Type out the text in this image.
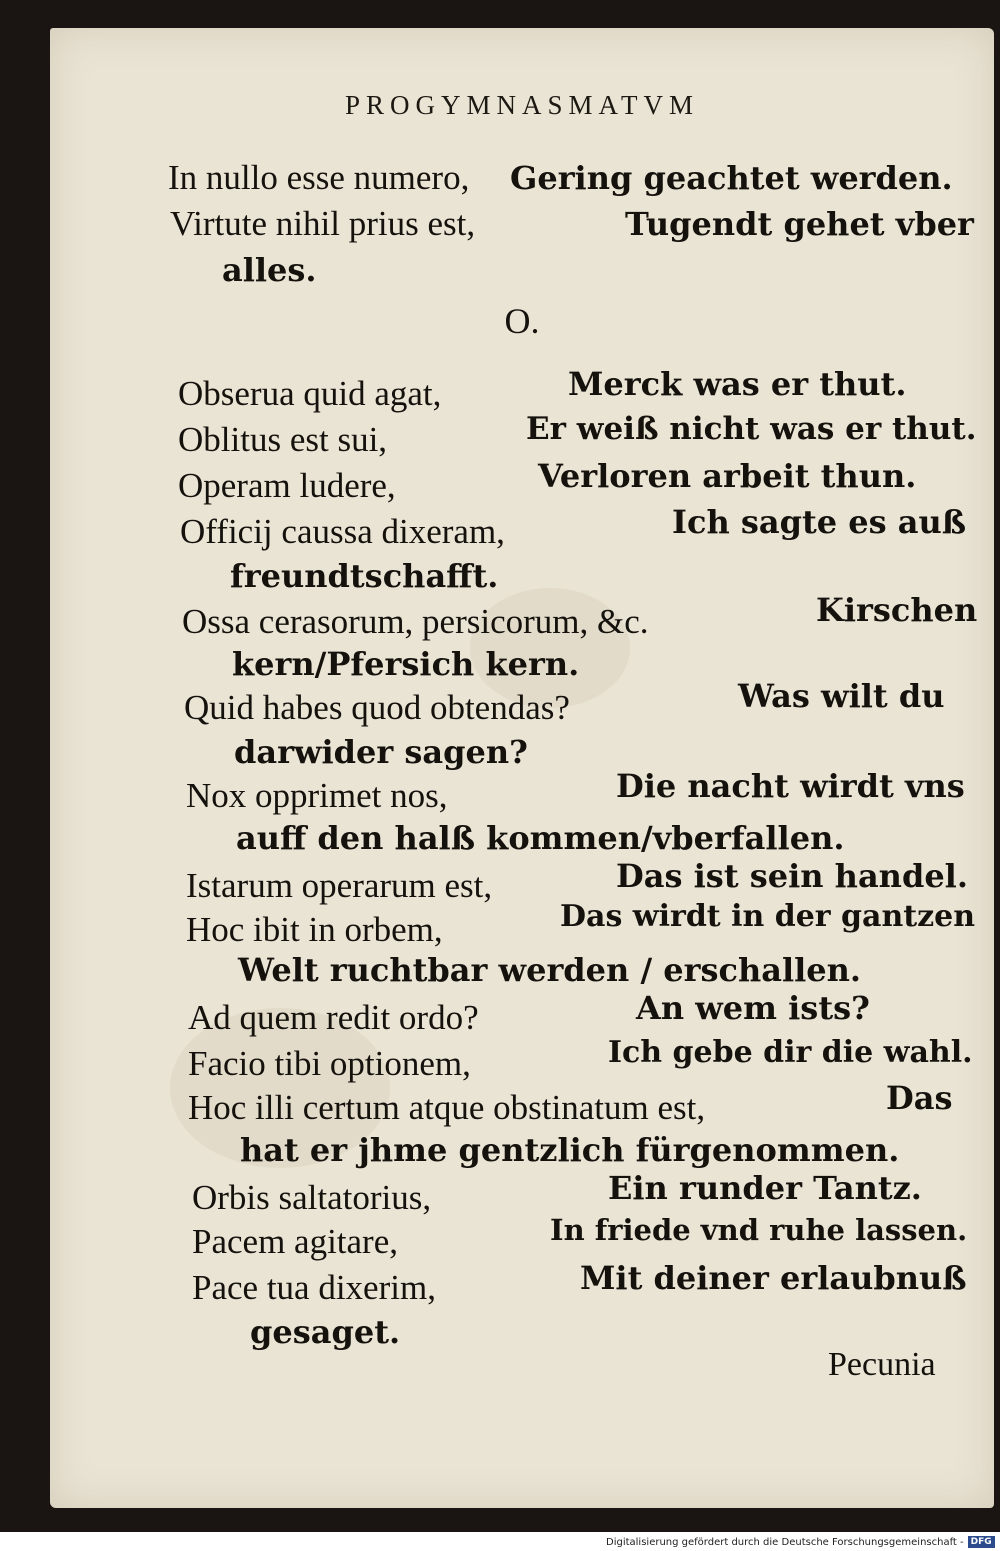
PROGYMNASMATVM
In nullo esse numero, Gering geachtet werden.
Virtute nihil prius est,	Tugendt gehet vber
alles.
O.
Obserua quid agat,	Merck was er thut.
Oblitus est sui,	Er weiß nicht was er thut.
Operam ludere,	Verloren arbeit thun.
Officij caussa dixeram,	Ich sagte es auß
freundtschafft.
Ossa cerasorum, persicorum, &c.	Kirschen
kern/Pfersich kern.
Quid habes quod obtendas?	Was wilt du
darwider sagen?
Nox opprimet nos,	Die nacht wirdt vns
auff den halß kommen/vberfallen.
Istarum operarum est,	Das ist sein handel.
Hoc ibit in orbem,	Das wirdt in der gantzen
Welt ruchtbar werden / erschallen.
Ad quem redit ordo?	An wem ists?
Facio tibi optionem,	Ich gebe dir die wahl.
Hoc illi certum atque obstinatum est,	Das
hat er jhme gentzlich fürgenommen.
Orbis saltatorius,	Ein runder Tantz.
Pacem agitare,	In friede vnd ruhe lassen.
Pace tua dixerim,	Mit deiner erlaubnuß
gesaget.
Pecunia
Digitalisierung gefördert durch die Deutsche Forschungsgemeinschaft - DFG
